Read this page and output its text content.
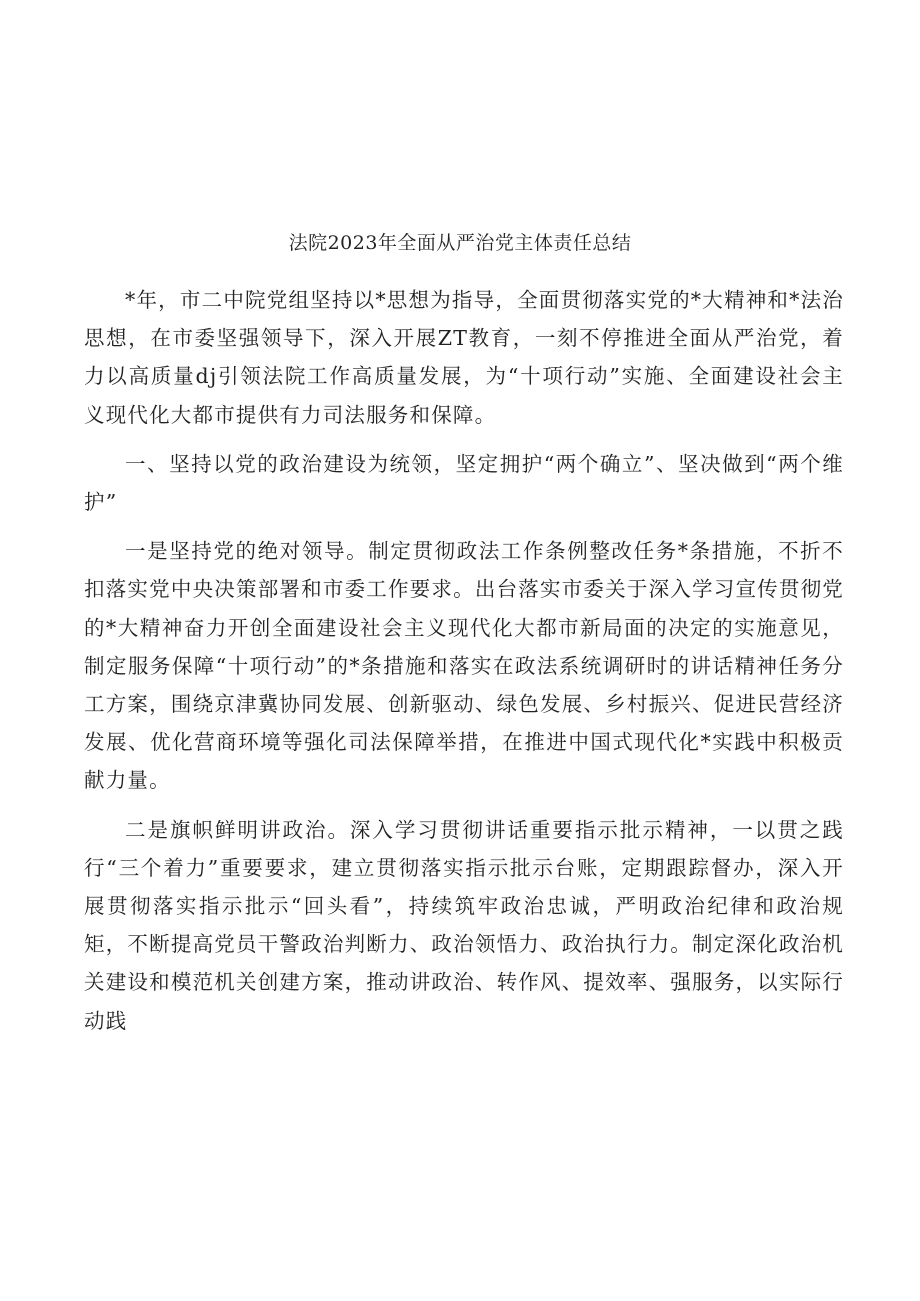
法院2023年全面从严治党主体责任总结

*年，市二中院党组坚持以*思想为指导，全面贯彻落实党的*大精神和*法治思想，在市委坚强领导下，深入开展ZT教育，一刻不停推进全面从严治党，着力以高质量dj引领法院工作高质量发展，为“十项行动”实施、全面建设社会主义现代化大都市提供有力司法服务和保障。

一、坚持以党的政治建设为统领，坚定拥护“两个确立”、坚决做到“两个维护”

一是坚持党的绝对领导。制定贯彻政法工作条例整改任务*条措施，不折不扣落实党中央决策部署和市委工作要求。出台落实市委关于深入学习宣传贯彻党的*大精神奋力开创全面建设社会主义现代化大都市新局面的决定的实施意见，制定服务保障“十项行动”的*条措施和落实在政法系统调研时的讲话精神任务分工方案，围绕京津冀协同发展、创新驱动、绿色发展、乡村振兴、促进民营经济发展、优化营商环境等强化司法保障举措，在推进中国式现代化*实践中积极贡献力量。

二是旗帜鲜明讲政治。深入学习贯彻讲话重要指示批示精神，一以贯之践行“三个着力”重要要求，建立贯彻落实指示批示台账，定期跟踪督办，深入开展贯彻落实指示批示“回头看”，持续筑牢政治忠诚，严明政治纪律和政治规矩，不断提高党员干警政治判断力、政治领悟力、政治执行力。制定深化政治机关建设和模范机关创建方案，推动讲政治、转作风、提效率、强服务，以实际行动践
